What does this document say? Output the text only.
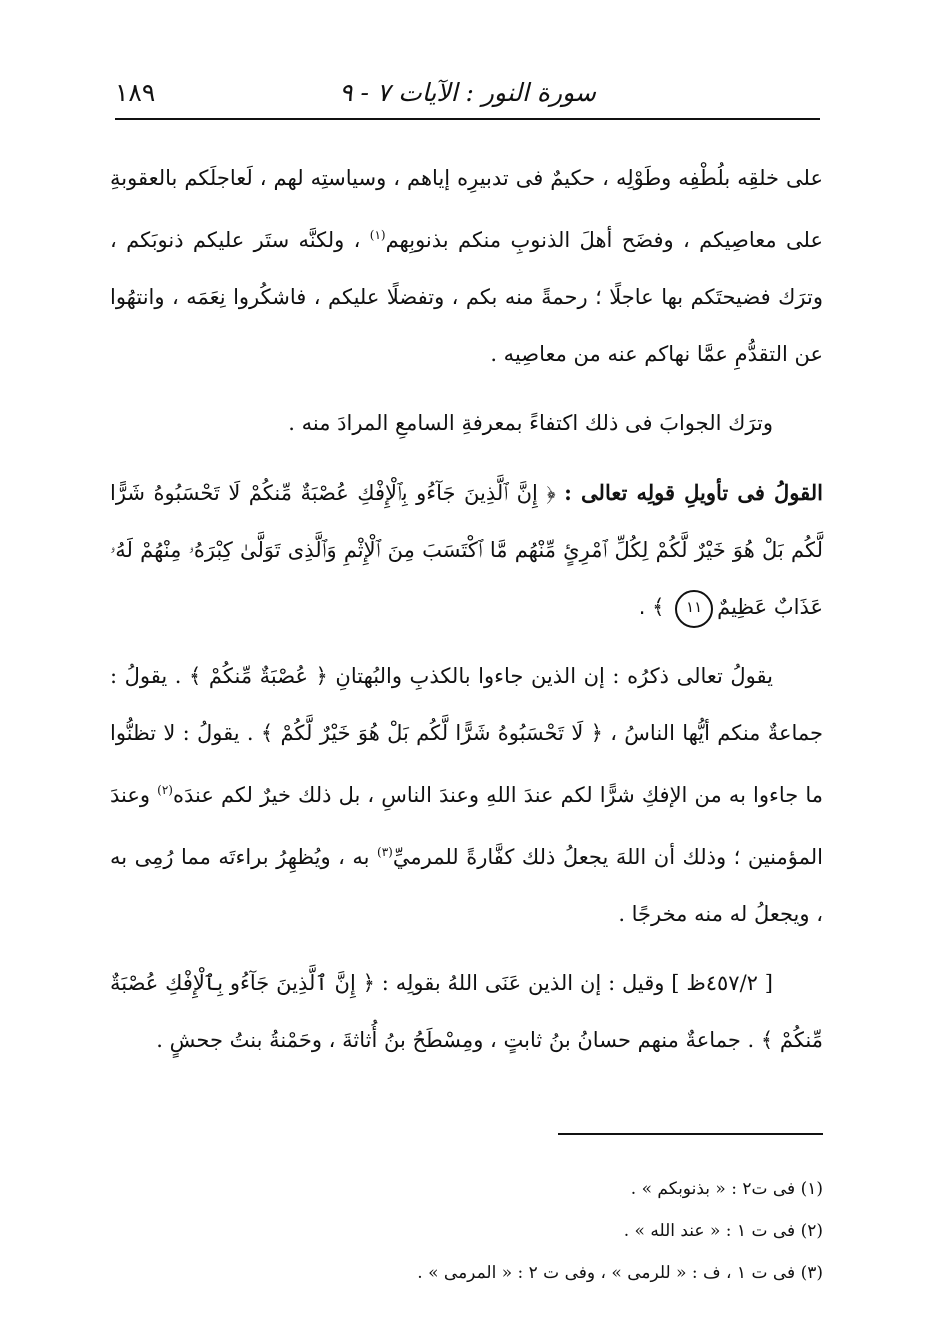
سورة النور : الآيات ٧ - ٩
١٨٩

على خلقِه بلُطْفِه وطَوْلِه ، حكيمٌ فى تدبيرِه إياهم ، وسياستِه لهم ، لَعاجلَكم بالعقوبةِ على معاصِيكم ، وفضَح أهلَ الذنوبِ منكم بذنوبِهم$^{(١)}$ ، ولكنَّه ستَر عليكم ذنوبَكم ، وترَك فضيحتَكم بها عاجلًا ؛ رحمةً منه بكم ، وتفضلًا عليكم ، فاشكُروا نِعَمَه ، وانتهُوا عن التقدُّمِ عمَّا نهاكم عنه من معاصِيه .

وترَك الجوابَ فى ذلك اكتفاءً بمعرفةِ السامعِ المرادَ منه .

القولُ فى تأويلِ قولِه تعالى : ﴿ إِنَّ ٱلَّذِينَ جَآءُو بِٱلْإِفْكِ عُصْبَةٌ مِّنكُمْ لَا تَحْسَبُوهُ شَرًّا لَّكُم بَلْ هُوَ خَيْرٌ لَّكُمْ لِكُلِّ ٱمْرِئٍ مِّنْهُم مَّا ٱكْتَسَبَ مِنَ ٱلْإِثْمِ وَٱلَّذِى تَوَلَّىٰ كِبْرَهُۥ مِنْهُمْ لَهُۥ عَذَابٌ عَظِيمٌ١١ ﴾ .

يقولُ تعالى ذكرُه : إن الذين جاءوا بالكذبِ والبُهتانِ ﴿ عُصْبَةٌ مِّنكُمْ ﴾ . يقولُ : جماعةٌ منكم أيُّها الناسُ ، ﴿ لَا تَحْسَبُوهُ شَرًّا لَّكُم بَلْ هُوَ خَيْرٌ لَّكُمْ ﴾ . يقولُ : لا تظنُّوا ما جاءوا به من الإفكِ شرًّا لكم عندَ اللهِ وعندَ الناسِ ، بل ذلك خيرٌ لكم عندَه$^{(٢)}$ وعندَ المؤمنين ؛ وذلك أن اللهَ يجعلُ ذلك كفَّارةً للمرميِّ$^{(٣)}$ به ، ويُظهِرُ براءتَه مما رُمِى به ، ويجعلُ له منه مخرجًا .

[ ٤٥٧/٢ظ ] وقيل : إن الذين عَنَى اللهُ بقولِه : ﴿ إِنَّ ٱلَّذِينَ جَآءُو بِٱلْإِفْكِ عُصْبَةٌ مِّنكُمْ ﴾ . جماعةٌ منهم حسانُ بنُ ثابتٍ ، ومِسْطَحُ بنُ أُثاثةَ ، وحَمْنةُ بنتُ جحشٍ .

(١) فى ت٢ : « بذنوبكم » .
(٢) فى ت ١ : « عند الله » .
(٣) فى ت ١ ، ف : « للرمى » ، وفى ت ٢ : « المرمى » .
